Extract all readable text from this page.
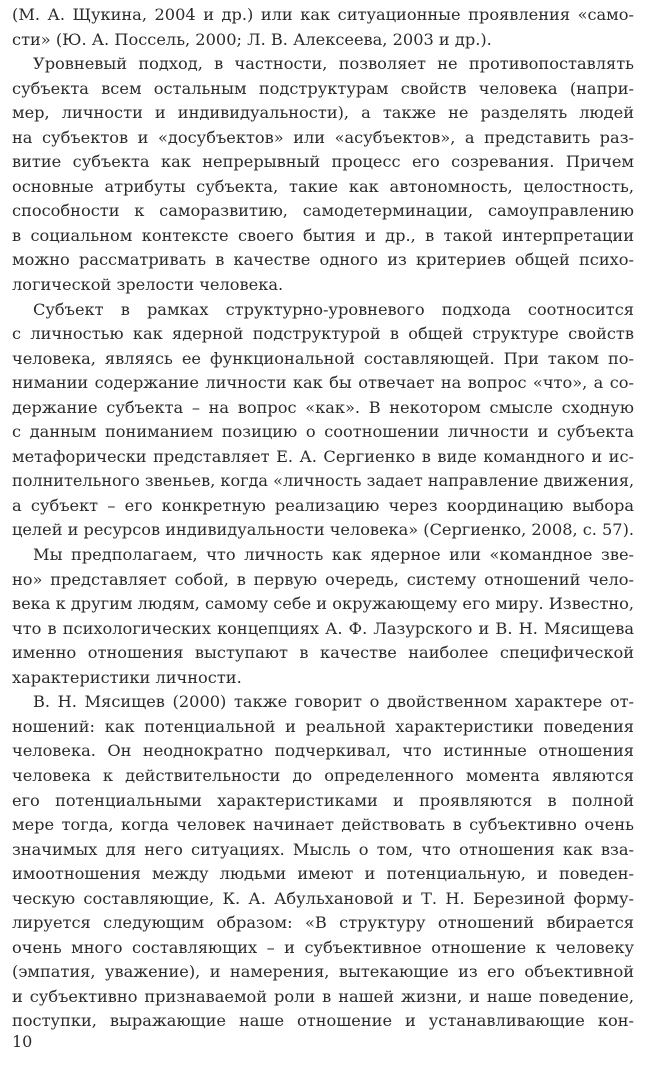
(М. А. Щукина, 2004 и др.) или как ситуационные проявления «само-
сти» (Ю. А. Поссель, 2000; Л. В. Алексеева, 2003 и др.).
Уровневый подход, в частности, позволяет не противопоставлять
субъекта всем остальным подструктурам свойств человека (напри-
мер, личности и индивидуальности), а также не разделять людей
на субъектов и «досубъектов» или «асубъектов», а представить раз-
витие субъекта как непрерывный процесс его созревания. Причем
основные атрибуты субъекта, такие как автономность, целостность,
способности к саморазвитию, самодетерминации, самоуправлению
в социальном контексте своего бытия и др., в такой интерпретации
можно рассматривать в качестве одного из критериев общей психо-
логической зрелости человека.
Субъект в рамках структурно-уровневого подхода соотносится
с личностью как ядерной подструктурой в общей структуре свойств
человека, являясь ее функциональной составляющей. При таком по-
нимании содержание личности как бы отвечает на вопрос «что», а со-
держание субъекта – на вопрос «как». В некотором смысле сходную
с данным пониманием позицию о соотношении личности и субъекта
метафорически представляет Е. А. Сергиенко в виде командного и ис-
полнительного звеньев, когда «личность задает направление движения,
а субъект – его конкретную реализацию через координацию выбора
целей и ресурсов индивидуальности человека» (Сергиенко, 2008, с. 57).
Мы предполагаем, что личность как ядерное или «командное зве-
но» представляет собой, в первую очередь, систему отношений чело-
века к другим людям, самому себе и окружающему его миру. Известно,
что в психологических концепциях А. Ф. Лазурского и В. Н. Мясищева
именно отношения выступают в качестве наиболее специфической
характеристики личности.
В. Н. Мясищев (2000) также говорит о двойственном характере от-
ношений: как потенциальной и реальной характеристики поведения
человека. Он неоднократно подчеркивал, что истинные отношения
человека к действительности до определенного момента являются
его потенциальными характеристиками и проявляются в полной
мере тогда, когда человек начинает действовать в субъективно очень
значимых для него ситуациях. Мысль о том, что отношения как вза-
имоотношения между людьми имеют и потенциальную, и поведен-
ческую составляющие, К. А. Абульхановой и Т. Н. Березиной форму-
лируется следующим образом: «В структуру отношений вбирается
очень много составляющих – и субъективное отношение к человеку
(эмпатия, уважение), и намерения, вытекающие из его объективной
и субъективно признаваемой роли в нашей жизни, и наше поведение,
поступки, выражающие наше отношение и устанавливающие кон-
10
